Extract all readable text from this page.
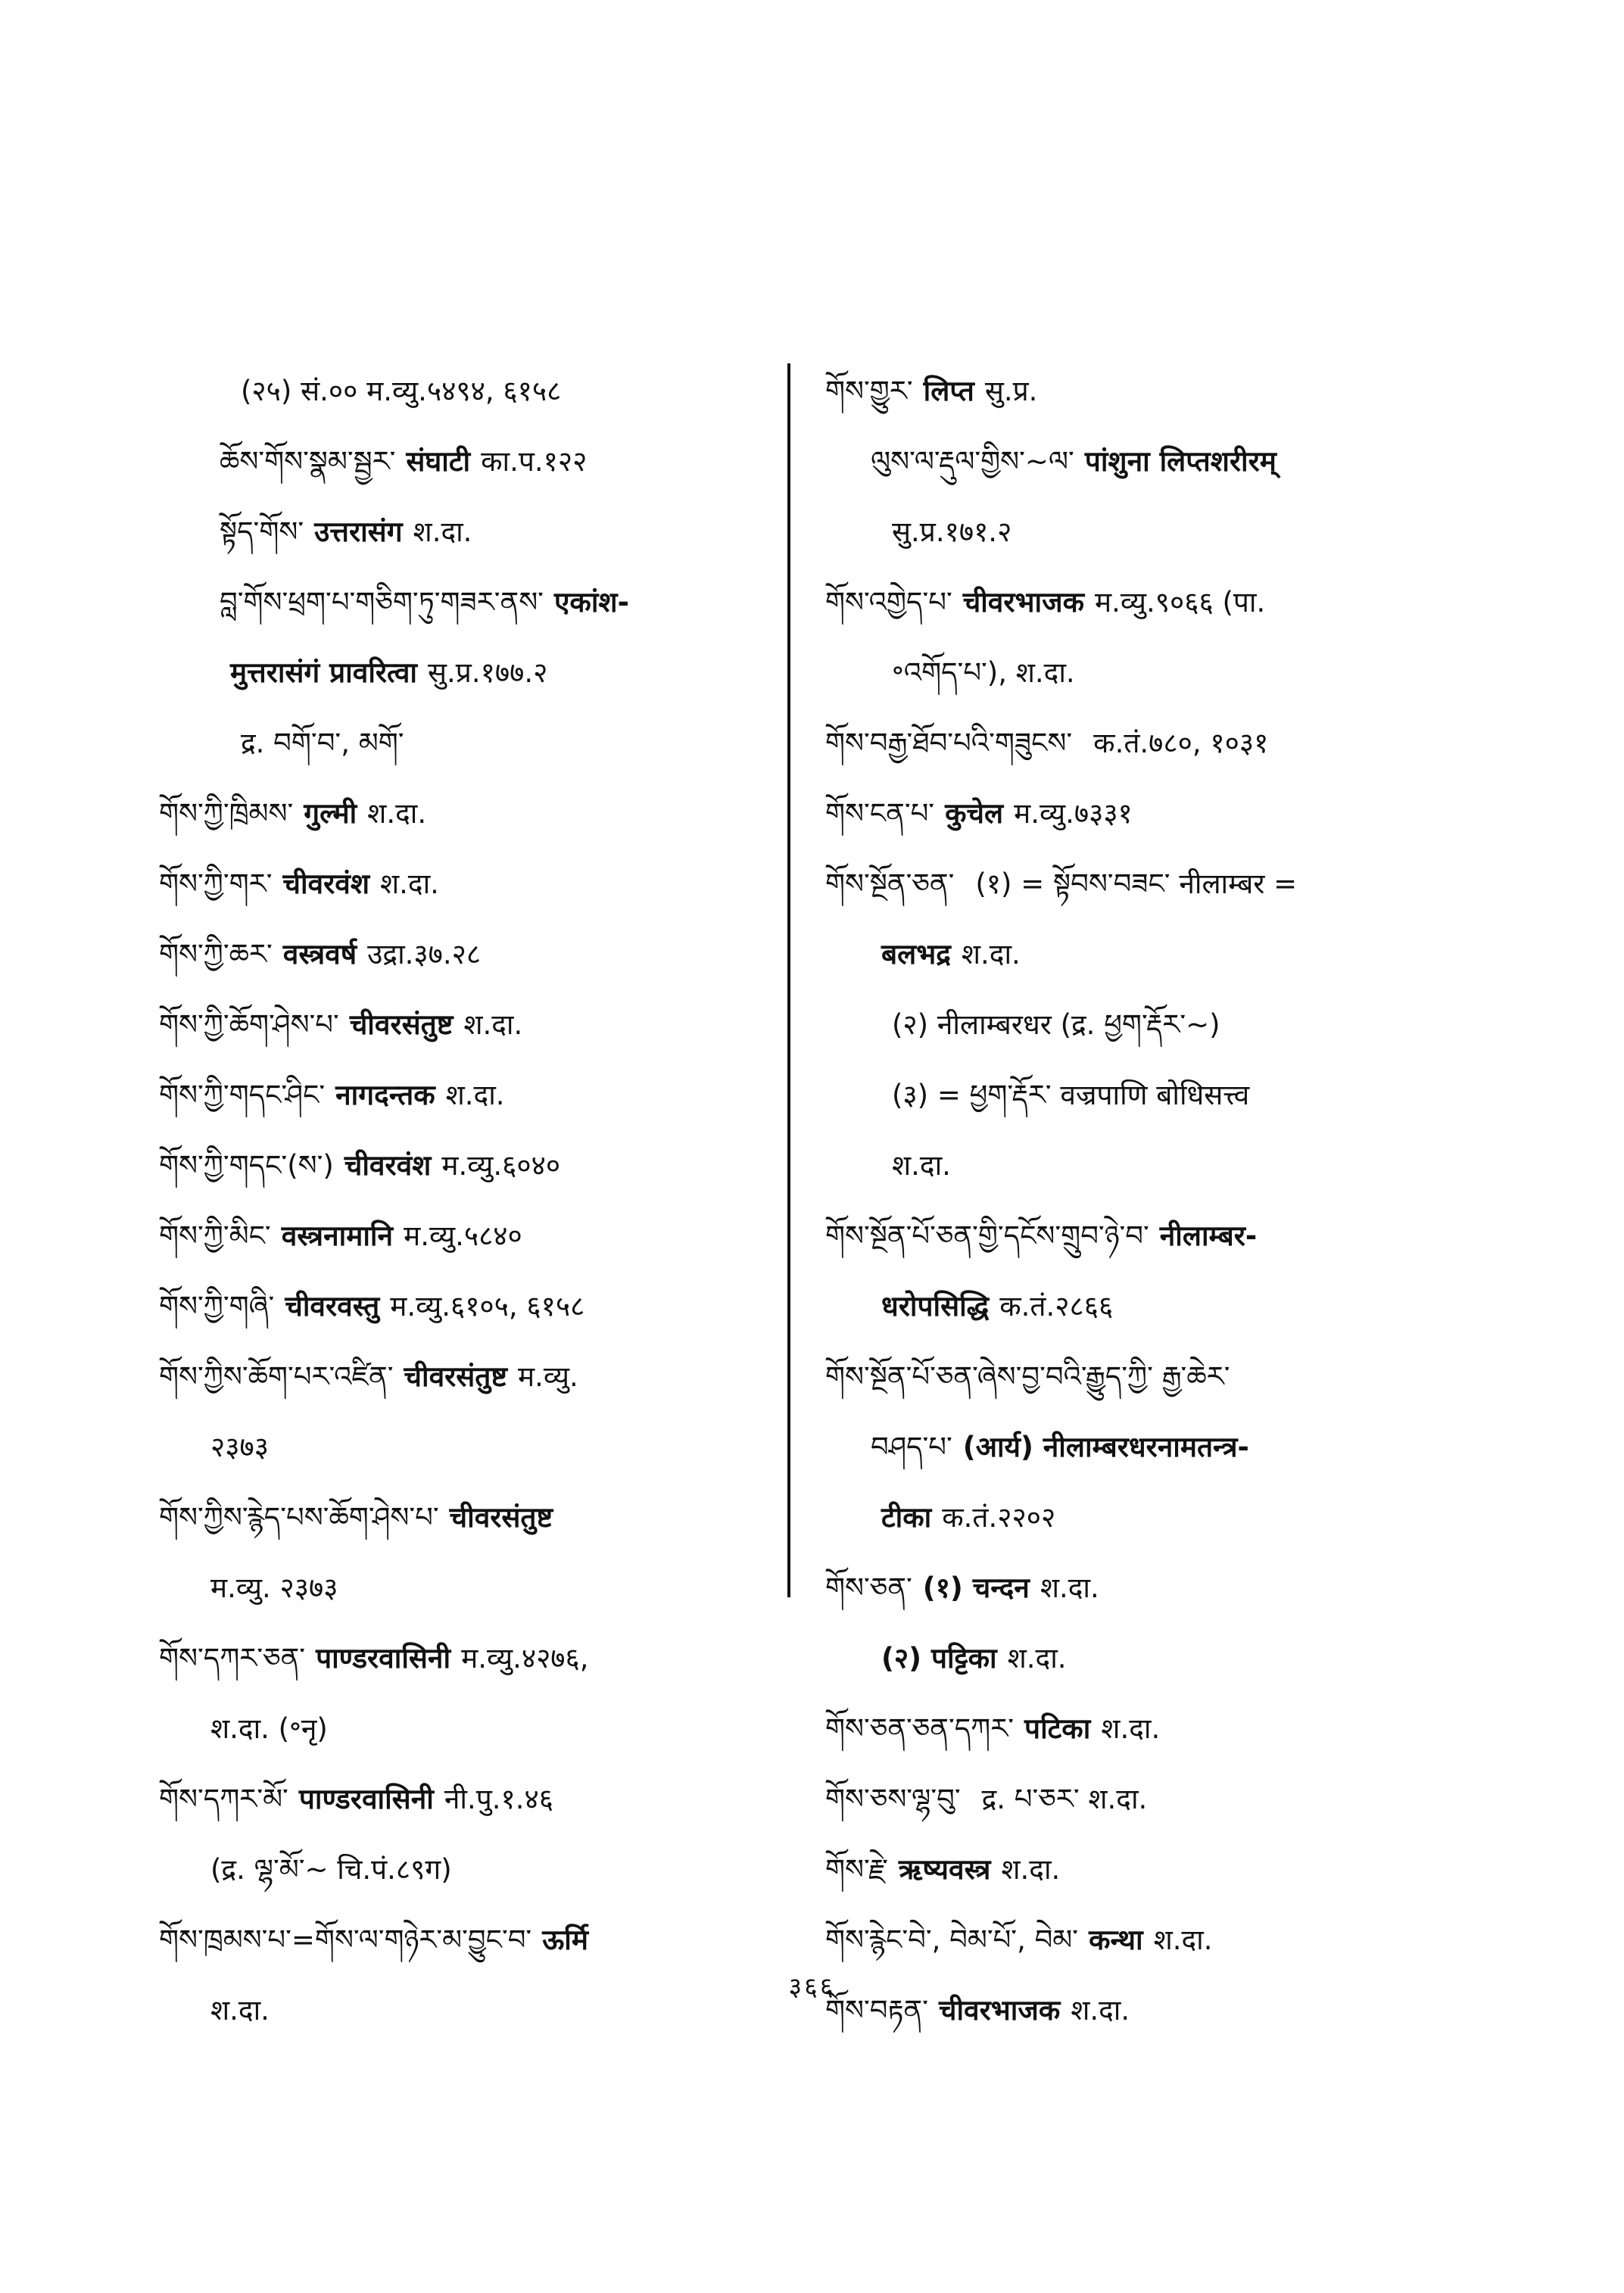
(२५) सं.०० म.व्यु.५४९४, ६१५८
ཆོས་གོས་སྣམ་སྦྱར་ संघाटी का.प.१२२
སྟོད་གོས་ उत्तरासंग श.दा.
བླ་གོས་ཕྲག་པ་གཅིག་ཏུ་གཟར་ནས་ एकांश-
मुत्तरासंगं प्रावरित्वा सु.प्र.१७७.२
द्र. བགོ་བ་, མགོ་
གོས་ཀྱི་ཁྲིམས་ गुल्मी श.दा.
གོས་ཀྱི་གར་ चीवरवंश श.दा.
གོས་ཀྱི་ཆར་ वस्त्रवर्ष उद्रा.३७.२८
གོས་ཀྱི་ཆོག་ཤེས་པ་ चीवरसंतुष्ट श.दा.
གོས་ཀྱི་གདང་ཤིང་ नागदन्तक श.दा.
གོས་ཀྱི་གདང་(ས་) चीवरवंश म.व्यु.६०४०
གོས་ཀྱི་མིང་ वस्त्रनामानि म.व्यु.५८४०
གོས་ཀྱི་གཞི་ चीवरवस्तु म.व्यु.६१०५, ६१५८
གོས་ཀྱིས་ཆོག་པར་འཛིན་ चीवरसंतुष्ट म.व्यु.
२३७३
གོས་ཀྱིས་རྙེད་པས་ཆོག་ཤེས་པ་ चीवरसंतुष्ट
म.व्यु. २३७३
གོས་དཀར་ཅན་ पाण्डरवासिनी म.व्यु.४२७६,
श.दा. (॰नृ)
གོས་དཀར་མོ་ पाण्डरवासिनी नी.पु.१.४६
(द्र. ལྷ་མོ་~ चि.पं.८९ग)
གོས་ཁྲམས་པ་=གོས་ལ་གཉེར་མ་བྱུང་བ་ ऊर्मि
श.दा.
གོས་གྱུར་ लिप्त सु.प्र.
ལུས་ལ་རྡུལ་གྱིས་~ལ་ पांशुना लिप्तशरीरम्
सु.प्र.१७१.२
གོས་འགྱེད་པ་ चीवरभाजक म.व्यु.९०६६ (पा.
॰འགོད་པ་), श.दा.
གོས་བརྒྱ་ཐོབ་པའི་གཟུངས་ क.तं.७८०, १०३१
གོས་ངན་པ་ कुचेल म.व्यु.७३३१
གོས་སྔོན་ཅན་ (१) = སྟོབས་བཟང་ नीलाम्बर =
बलभद्र श.दा.
(२) नीलाम्बरधर (द्र. ཕྱག་རྡོར་~)
(३) = ཕྱག་རྡོར་ वज्रपाणि बोधिसत्त्व
श.दा.
གོས་སྔོན་པོ་ཅན་གྱི་དངོས་གྲུབ་ཉེ་བ་ नीलाम्बर-
धरोपसिद्धि क.तं.२८६६
གོས་སྔོན་པོ་ཅན་ཞེས་བྱ་བའི་རྒྱུད་ཀྱི་ རྒྱ་ཆེར་
བཤད་པ་ (आर्य) नीलाम्बरधरनामतन्त्र-
टीका क.तं.२२०२
གོས་ཅན་ (१) चन्दन श.दा.
(२) पट्टिका श.दा.
གོས་ཅན་ཅན་དཀར་ पटिका श.दा.
གོས་ཅས་ལྷ་བུ་ द्र. པ་ཅར་ श.दा.
གོས་རྗེ་ ऋष्यवस्त्र श.दा.
གོས་རྙེང་བེ་, བེམ་པོ་, བེམ་ कन्था श.दा.
གོས་བརྟན་ चीवरभाजक श.दा.
३६६
